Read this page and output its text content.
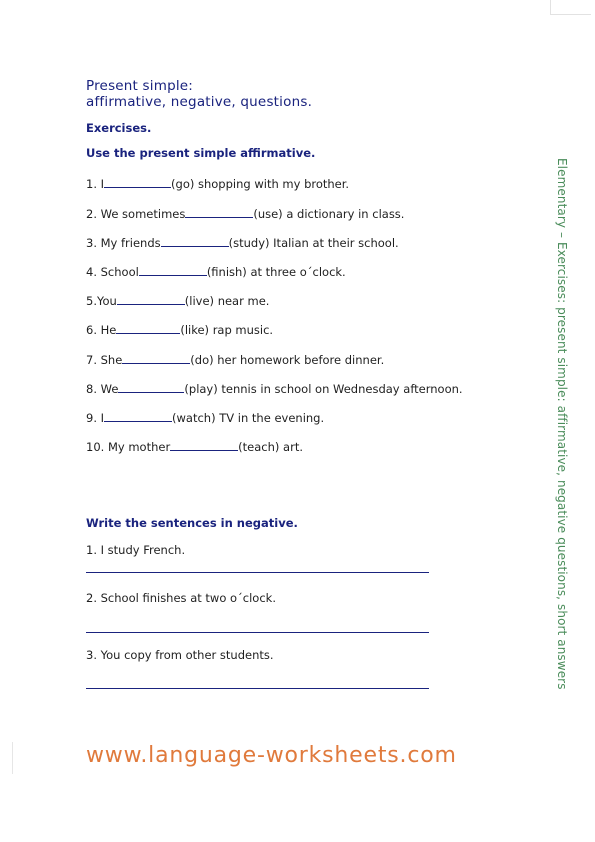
Present simple:
affirmative, negative, questions.
Exercises.
Use the present simple affirmative.
1. I	(go) shopping with my brother.
2. We sometimes	(use) a dictionary in class.
3. My friends	(study) Italian at their school.
4. School	(finish) at three o´clock.
5.You	(live) near me.
6. He	(like) rap music.
7. She	(do) her homework before dinner.
8. We	(play) tennis in school on Wednesday afternoon.
9. I	(watch) TV in the evening.
10. My mother	(teach) art.
Write the sentences in negative.
1. I study French.
2. School finishes at two o´clock.
3. You copy from other students.	Elementary – Exercises: present simple: affirmative, negative questions, short answers
www.language-worksheets.com
